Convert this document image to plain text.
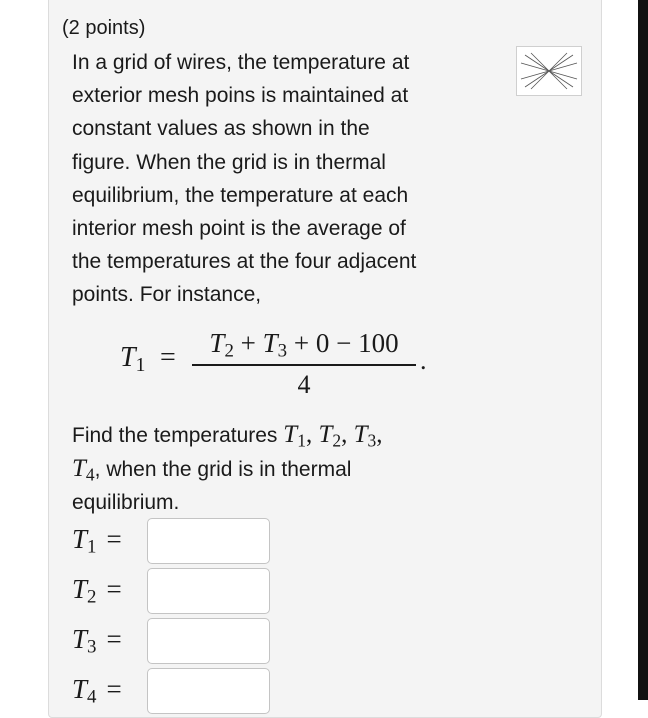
(2 points)
In a grid of wires, the temperature at
exterior mesh poins is maintained at
constant values as shown in the
figure. When the grid is in thermal
equilibrium, the temperature at each
interior mesh point is the average of
the temperatures at the four adjacent
points. For instance,
$T_1$ =	$T_2 + T_3 + 0 - 100$
4
.
Find the temperatures $T_1$, $T_2$, $T_3$,
$T_4$, when the grid is in thermal
equilibrium.
$T_1$ =
$T_2$ =
$T_3$ =
$T_4$ =
